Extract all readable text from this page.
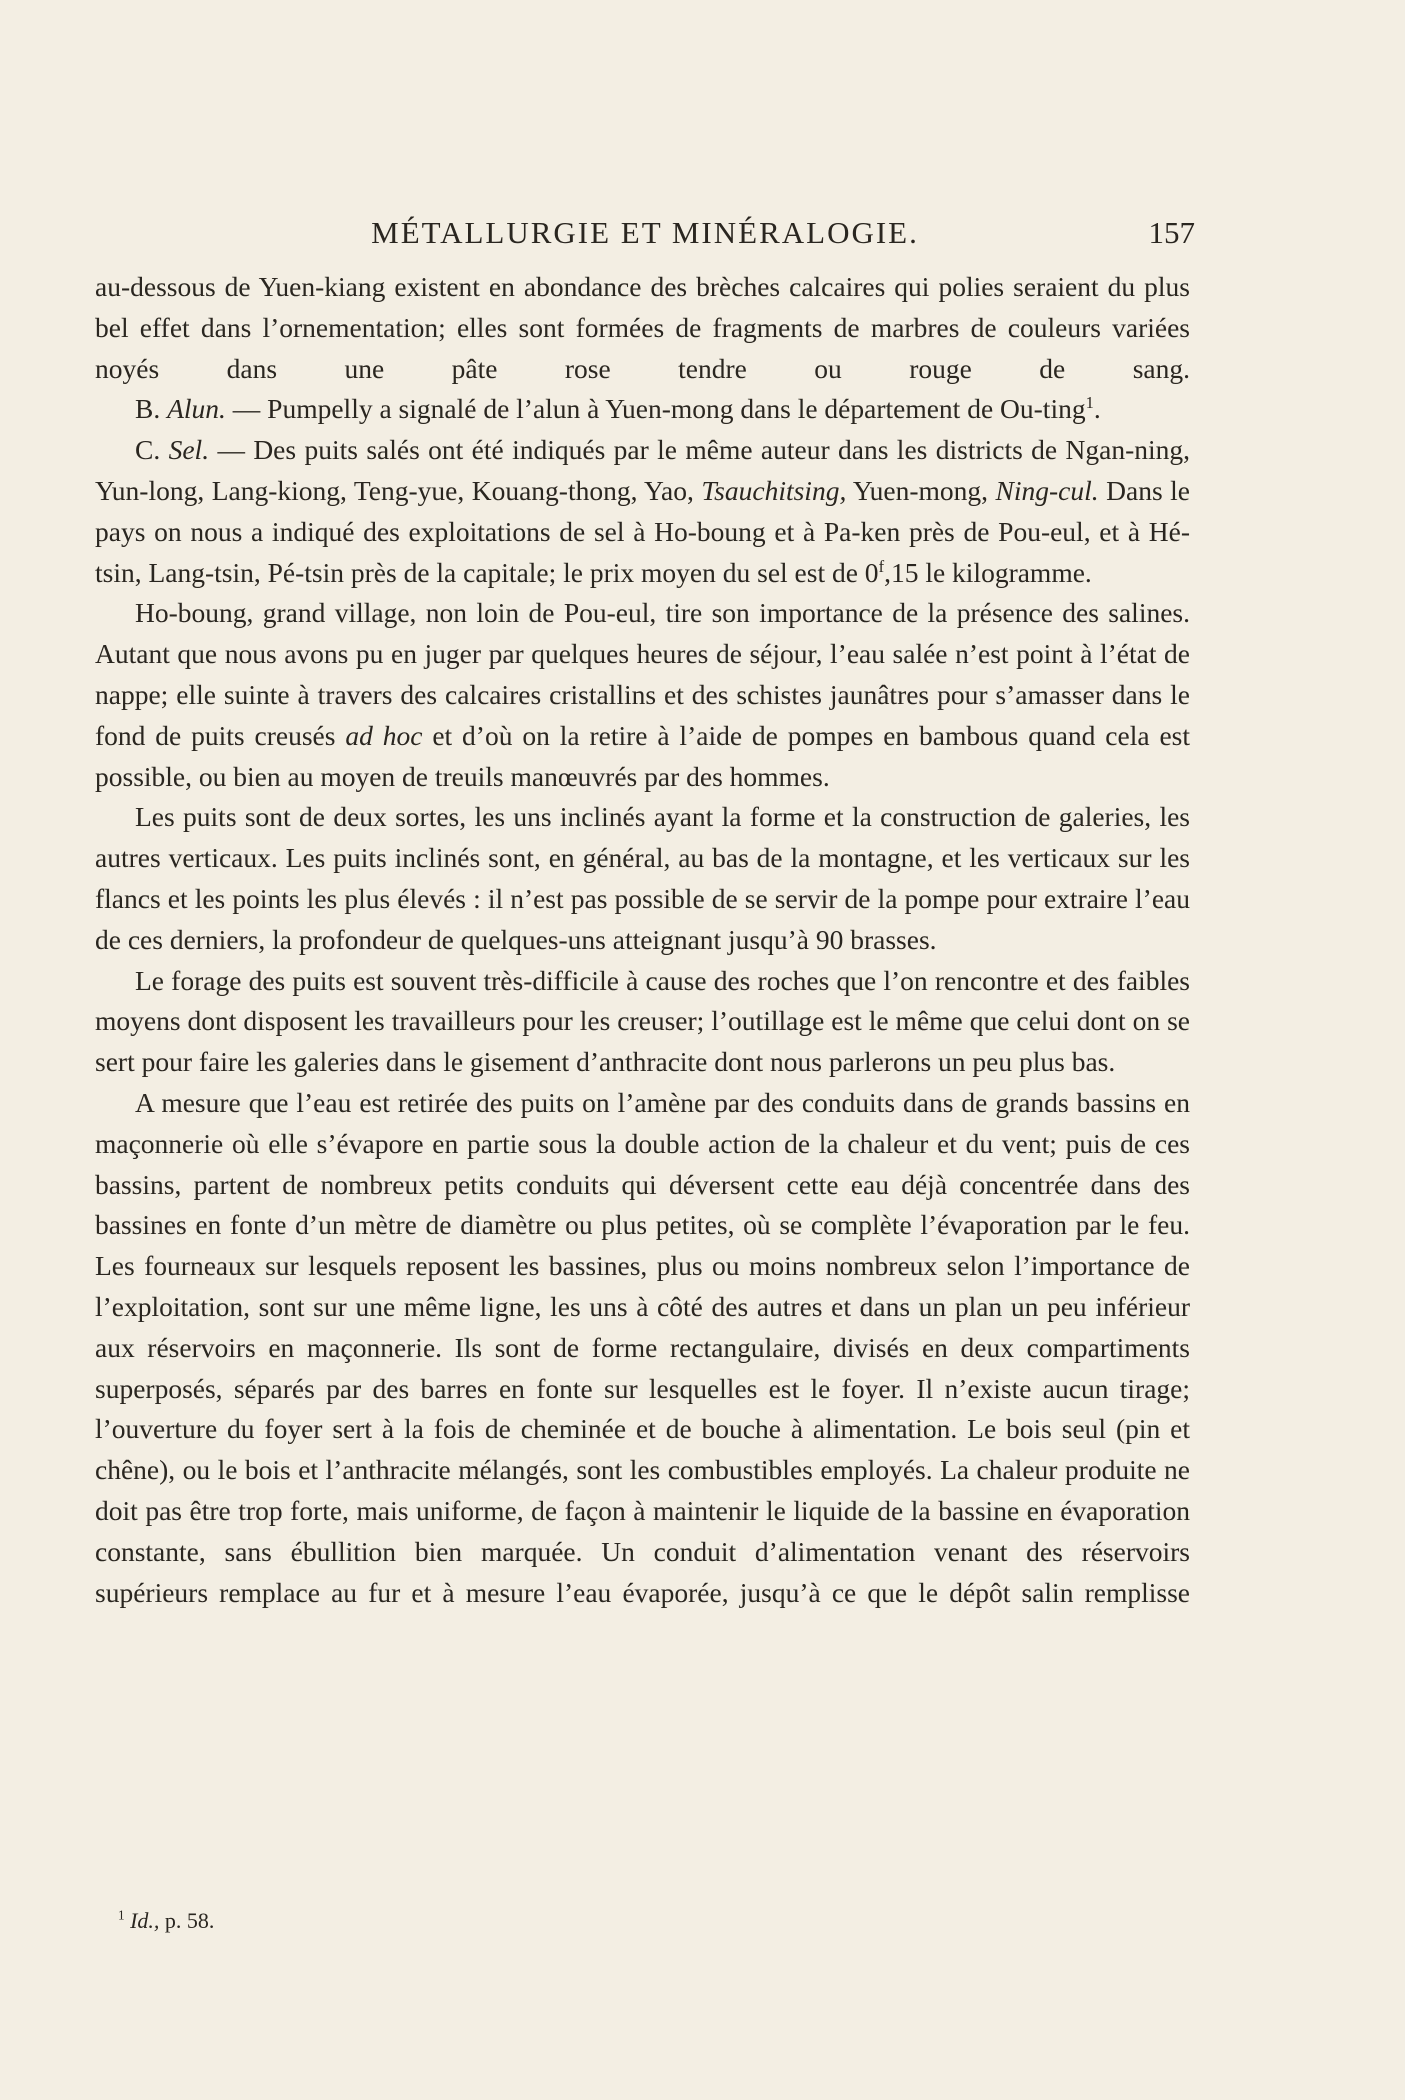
MÉTALLURGIE ET MINÉRALOGIE.	157

au-dessous de Yuen-kiang existent en abondance des brèches calcaires qui polies seraient du plus bel effet dans l’ornementation; elles sont formées de fragments de marbres de couleurs variées noyés dans une pâte rose tendre ou rouge de sang.

B. Alun. — Pumpelly a signalé de l’alun à Yuen-mong dans le département de Ou-ting$^1$.

C. Sel. — Des puits salés ont été indiqués par le même auteur dans les districts de Ngan-ning, Yun-long, Lang-kiong, Teng-yue, Kouang-thong, Yao, Tsauchitsing, Yuen-mong, Ning-cul. Dans le pays on nous a indiqué des exploitations de sel à Ho-boung et à Pa-ken près de Pou-eul, et à Hé-tsin, Lang-tsin, Pé-tsin près de la capitale; le prix moyen du sel est de 0$^f$,15 le kilogramme.

Ho-boung, grand village, non loin de Pou-eul, tire son importance de la présence des salines. Autant que nous avons pu en juger par quelques heures de séjour, l’eau salée n’est point à l’état de nappe; elle suinte à travers des calcaires cristallins et des schistes jaunâtres pour s’amasser dans le fond de puits creusés ad hoc et d’où on la retire à l’aide de pompes en bambous quand cela est possible, ou bien au moyen de treuils manœuvrés par des hommes.

Les puits sont de deux sortes, les uns inclinés ayant la forme et la construction de galeries, les autres verticaux. Les puits inclinés sont, en général, au bas de la montagne, et les verticaux sur les flancs et les points les plus élevés : il n’est pas possible de se servir de la pompe pour extraire l’eau de ces derniers, la profondeur de quelques-uns atteignant jusqu’à 90 brasses.

Le forage des puits est souvent très-difficile à cause des roches que l’on rencontre et des faibles moyens dont disposent les travailleurs pour les creuser; l’outillage est le même que celui dont on se sert pour faire les galeries dans le gisement d’anthracite dont nous parlerons un peu plus bas.

A mesure que l’eau est retirée des puits on l’amène par des conduits dans de grands bassins en maçonnerie où elle s’évapore en partie sous la double action de la chaleur et du vent; puis de ces bassins, partent de nombreux petits conduits qui déversent cette eau déjà concentrée dans des bassines en fonte d’un mètre de diamètre ou plus petites, où se complète l’évaporation par le feu. Les fourneaux sur lesquels reposent les bassines, plus ou moins nombreux selon l’importance de l’exploitation, sont sur une même ligne, les uns à côté des autres et dans un plan un peu inférieur aux réservoirs en maçonnerie. Ils sont de forme rectangulaire, divisés en deux compartiments superposés, séparés par des barres en fonte sur lesquelles est le foyer. Il n’existe aucun tirage; l’ouverture du foyer sert à la fois de cheminée et de bouche à alimentation. Le bois seul (pin et chêne), ou le bois et l’anthracite mélangés, sont les combustibles employés. La chaleur produite ne doit pas être trop forte, mais uniforme, de façon à maintenir le liquide de la bassine en évaporation constante, sans ébullition bien marquée. Un conduit d’alimentation venant des réservoirs supérieurs remplace au fur et à mesure l’eau évaporée, jusqu’à ce que le dépôt salin remplisse

$^1$ Id., p. 58.
